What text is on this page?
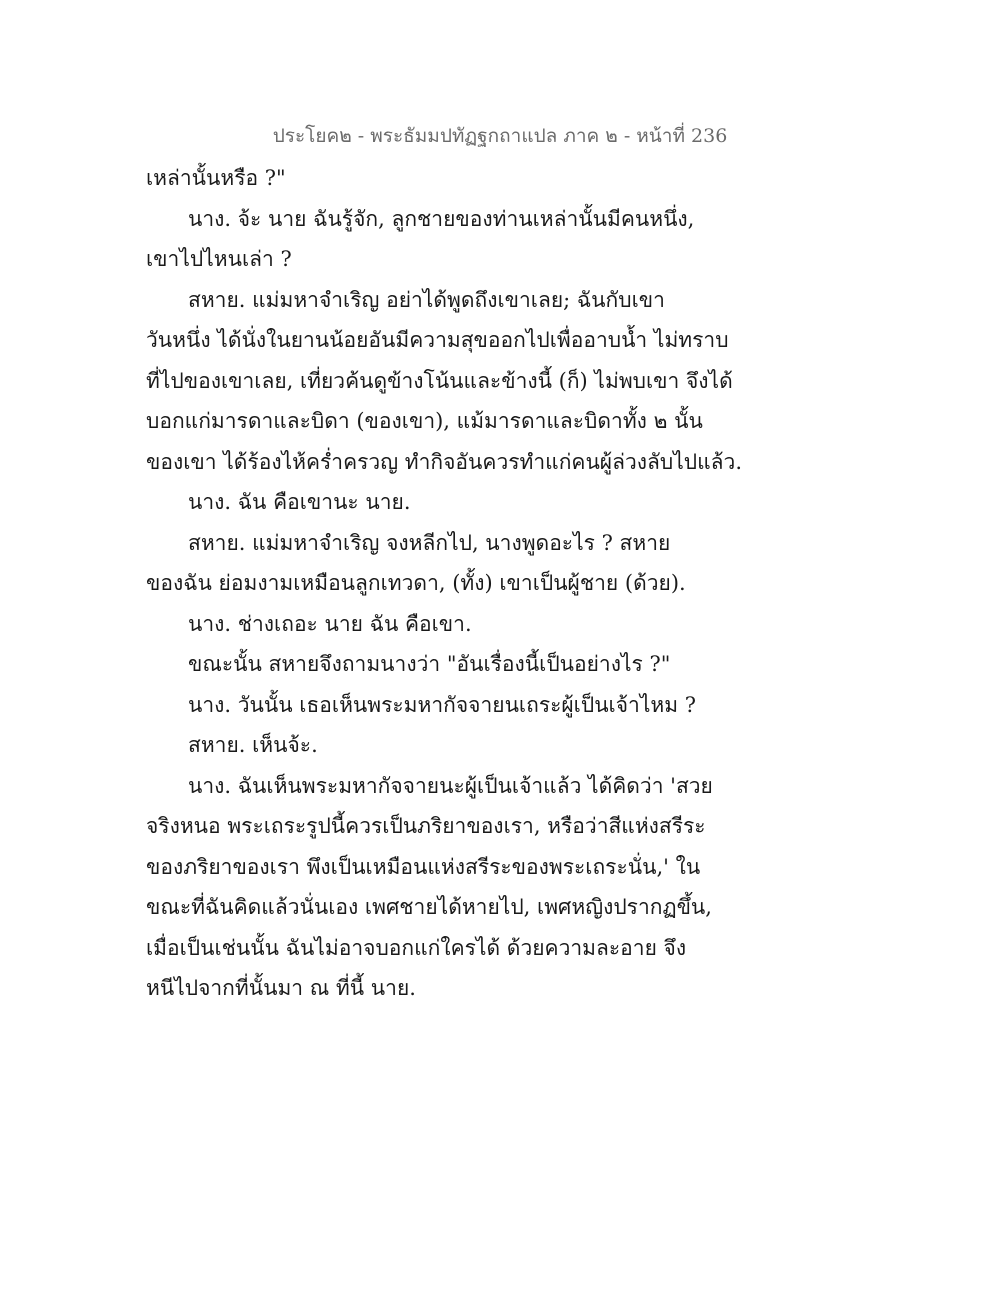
ประโยค๒ - พระธัมมปทัฏฐกถาแปล ภาค ๒ - หน้าที่ 236
เหล่านั้นหรือ ?"
นาง. จ้ะ นาย ฉันรู้จัก, ลูกชายของท่านเหล่านั้นมีคนหนึ่ง,
เขาไปไหนเล่า ?
สหาย. แม่มหาจำเริญ อย่าได้พูดถึงเขาเลย; ฉันกับเขา
วันหนึ่ง ได้นั่งในยานน้อยอันมีความสุขออกไปเพื่ออาบน้ำ ไม่ทราบ
ที่ไปของเขาเลย, เที่ยวค้นดูข้างโน้นและข้างนี้ (ก็) ไม่พบเขา จึงได้
บอกแก่มารดาและบิดา (ของเขา), แม้มารดาและบิดาทั้ง ๒ นั้น
ของเขา ได้ร้องไห้คร่ำครวญ ทำกิจอันควรทำแก่คนผู้ล่วงลับไปแล้ว.
นาง. ฉัน คือเขานะ นาย.
สหาย. แม่มหาจำเริญ จงหลีกไป, นางพูดอะไร ? สหาย
ของฉัน ย่อมงามเหมือนลูกเทวดา, (ทั้ง) เขาเป็นผู้ชาย (ด้วย).
นาง. ช่างเถอะ นาย ฉัน คือเขา.
ขณะนั้น สหายจึงถามนางว่า "อันเรื่องนี้เป็นอย่างไร ?"
นาง. วันนั้น เธอเห็นพระมหากัจจายนเถระผู้เป็นเจ้าไหม ?
สหาย. เห็นจ้ะ.
นาง. ฉันเห็นพระมหากัจจายนะผู้เป็นเจ้าแล้ว ได้คิดว่า 'สวย
จริงหนอ พระเถระรูปนี้ควรเป็นภริยาของเรา, หรือว่าสีแห่งสรีระ
ของภริยาของเรา พึงเป็นเหมือนแห่งสรีระของพระเถระนั่น,' ใน
ขณะที่ฉันคิดแล้วนั่นเอง เพศชายได้หายไป, เพศหญิงปรากฏขึ้น,
เมื่อเป็นเช่นนั้น ฉันไม่อาจบอกแก่ใครได้ ด้วยความละอาย จึง
หนีไปจากที่นั้นมา ณ ที่นี้ นาย.
